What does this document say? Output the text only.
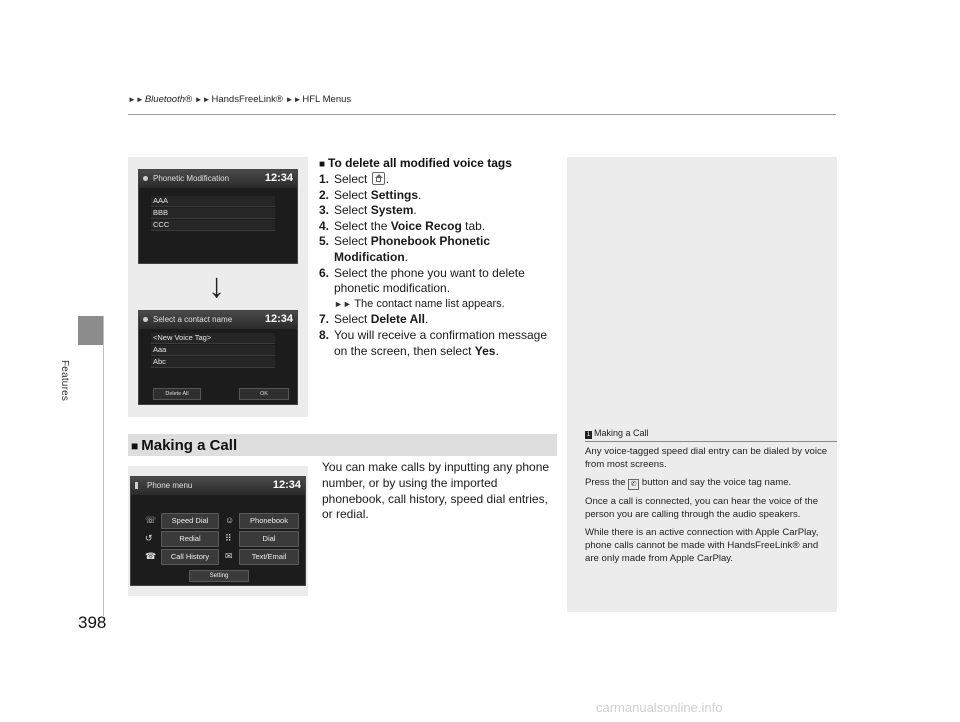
►►Bluetooth® ►►HandsFreeLink® ►►HFL Menus
Features
398
Phonetic Modification	12:34
AAA
BBB
CCC
↓
Select a contact name	12:34
<New Voice Tag>
Aaa
Abc
Delete All	OK
■ To delete all modified voice tags
1. Select .
2. Select Settings.
3. Select System.
4. Select the Voice Recog tab.
5. Select Phonebook Phonetic Modification.
6. Select the phone you want to delete phonetic modification.
►► The contact name list appears.
7. Select Delete All.
8. You will receive a confirmation message on the screen, then select Yes.
1 Making a Call

Any voice-tagged speed dial entry can be dialed by voice from most screens.

Press the ✆ button and say the voice tag name.

Once a call is connected, you can hear the voice of the person you are calling through the audio speakers.

While there is an active connection with Apple CarPlay, phone calls cannot be made with HandsFreeLink® and are only made from Apple CarPlay.

■ Making a Call
You can make calls by inputting any phone number, or by using the imported phonebook, call history, speed dial entries, or redial.
Phone menu	12:34
☏	Speed Dial	☺	Phonebook
↺	Redial	⠿	Dial
☎	Call History	✉	Text/Email
Setting
carmanualsonline.info
